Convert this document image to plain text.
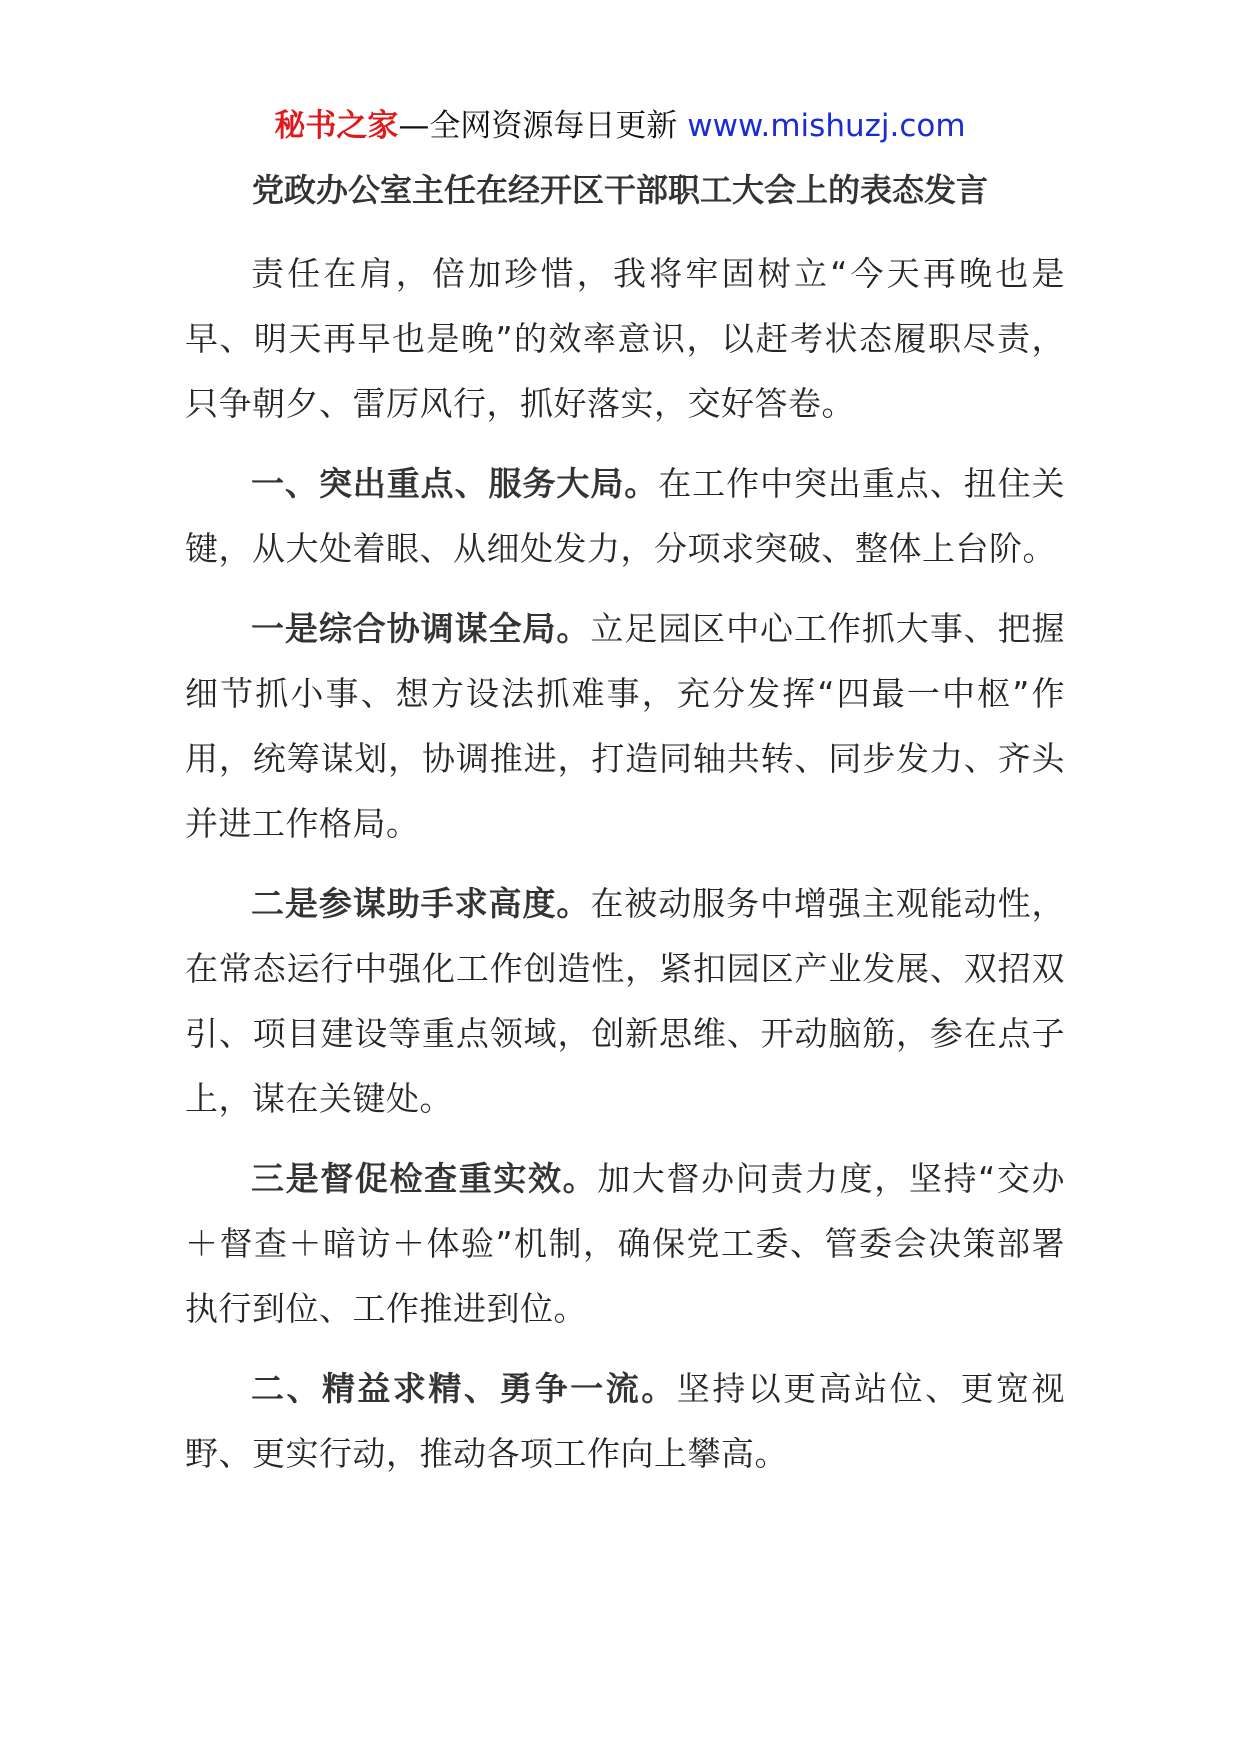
秘书之家—全网资源每日更新 www.mishuzj.com
党政办公室主任在经开区干部职工大会上的表态发言

责任在肩，倍加珍惜，我将牢固树立“今天再晚也是早、明天再早也是晚”的效率意识，以赶考状态履职尽责，只争朝夕、雷厉风行，抓好落实，交好答卷。

一、突出重点、服务大局。在工作中突出重点、扭住关键，从大处着眼、从细处发力，分项求突破、整体上台阶。

一是综合协调谋全局。立足园区中心工作抓大事、把握细节抓小事、想方设法抓难事，充分发挥“四最一中枢”作用，统筹谋划，协调推进，打造同轴共转、同步发力、齐头并进工作格局。

二是参谋助手求高度。在被动服务中增强主观能动性，在常态运行中强化工作创造性，紧扣园区产业发展、双招双引、项目建设等重点领域，创新思维、开动脑筋，参在点子上，谋在关键处。

三是督促检查重实效。加大督办问责力度，坚持“交办＋督查＋暗访＋体验”机制，确保党工委、管委会决策部署执行到位、工作推进到位。

二、精益求精、勇争一流。坚持以更高站位、更宽视野、更实行动，推动各项工作向上攀高。
